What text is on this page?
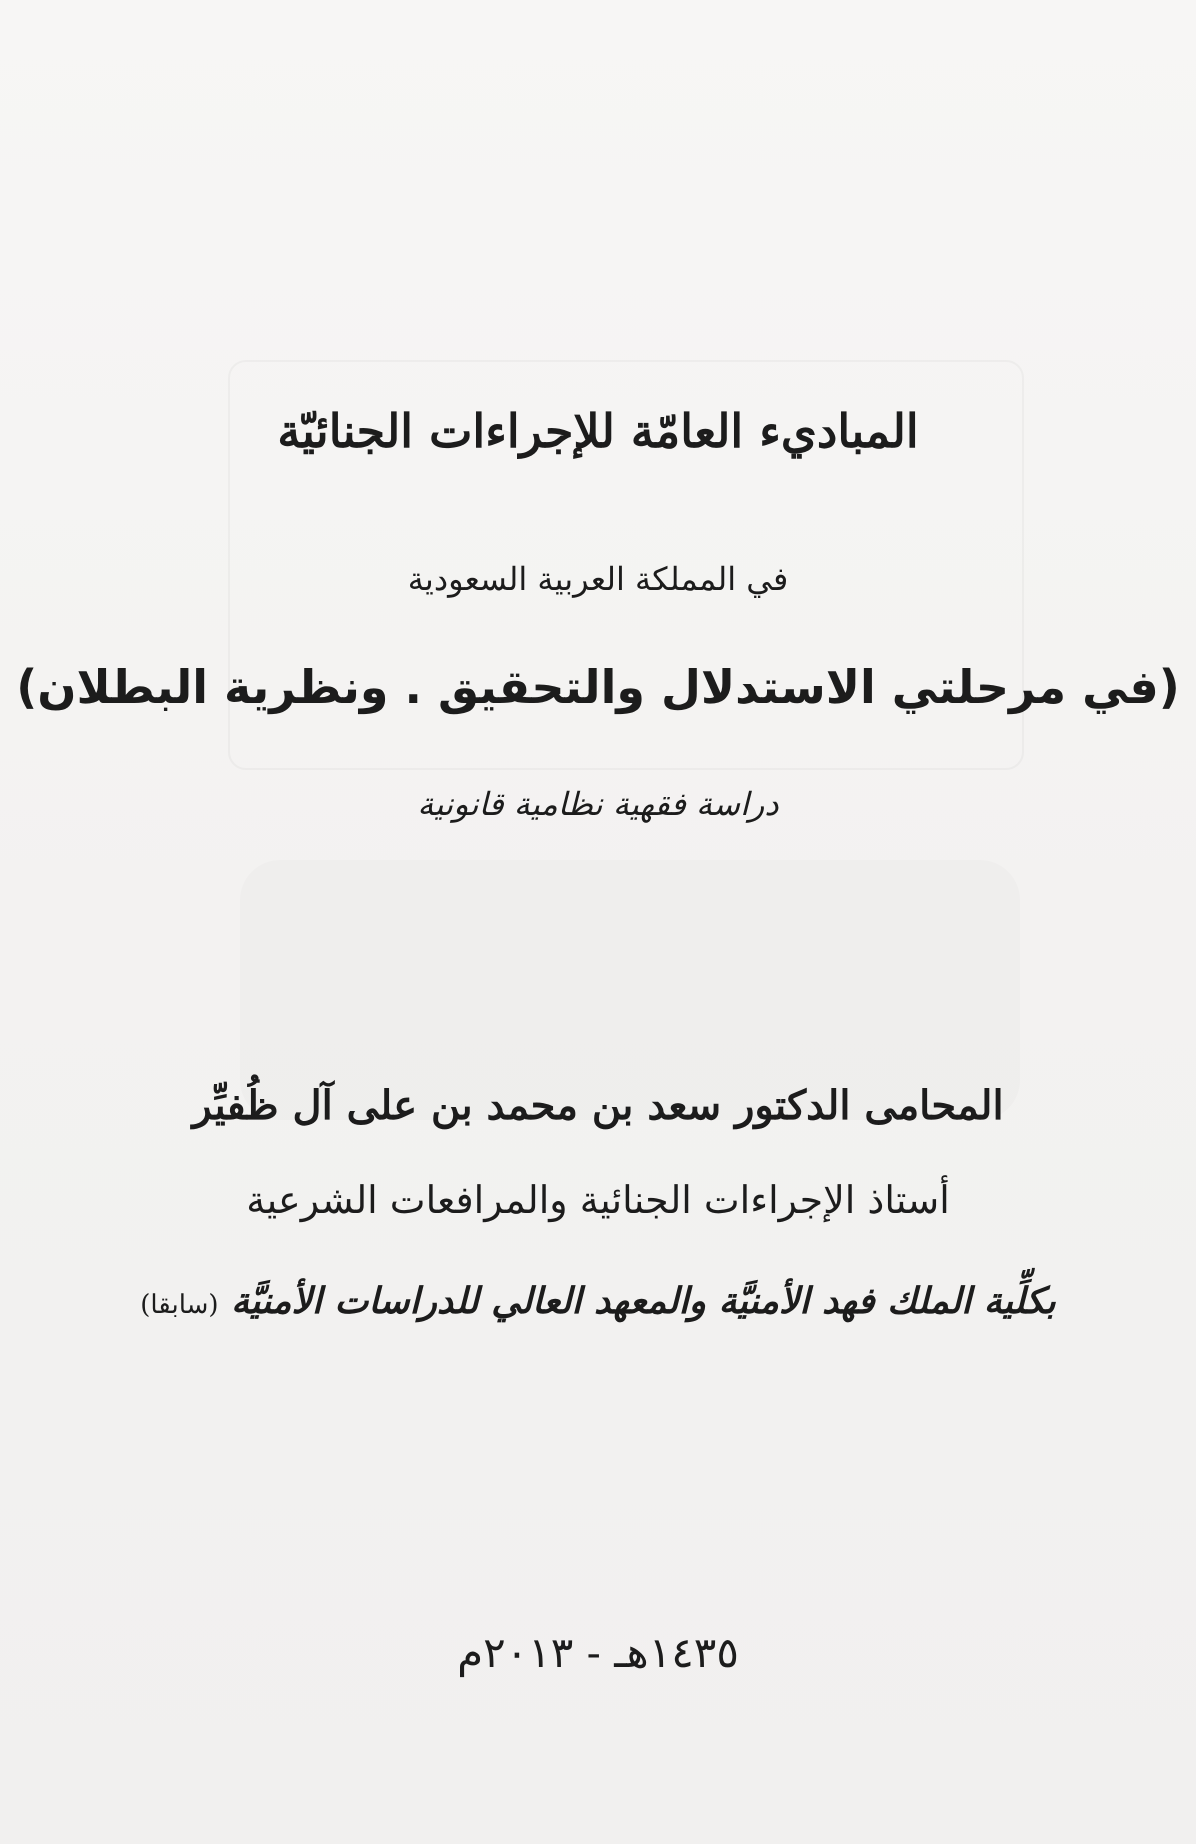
المباديء العامّة للإجراءات الجنائيّة
في المملكة العربية السعودية
(في مرحلتي الاستدلال والتحقيق . ونظرية البطلان)
دراسة فقهية نظامية قانونية
المحامى الدكتور سعد بن محمد بن على آل ظُفيِّر
أستاذ الإجراءات الجنائية والمرافعات الشرعية
بكلِّية الملك فهد الأمنيَّة والمعهد العالي للدراسات الأمنيَّة (سابقا)
١٤٣٥هـ - ٢٠١٣م
